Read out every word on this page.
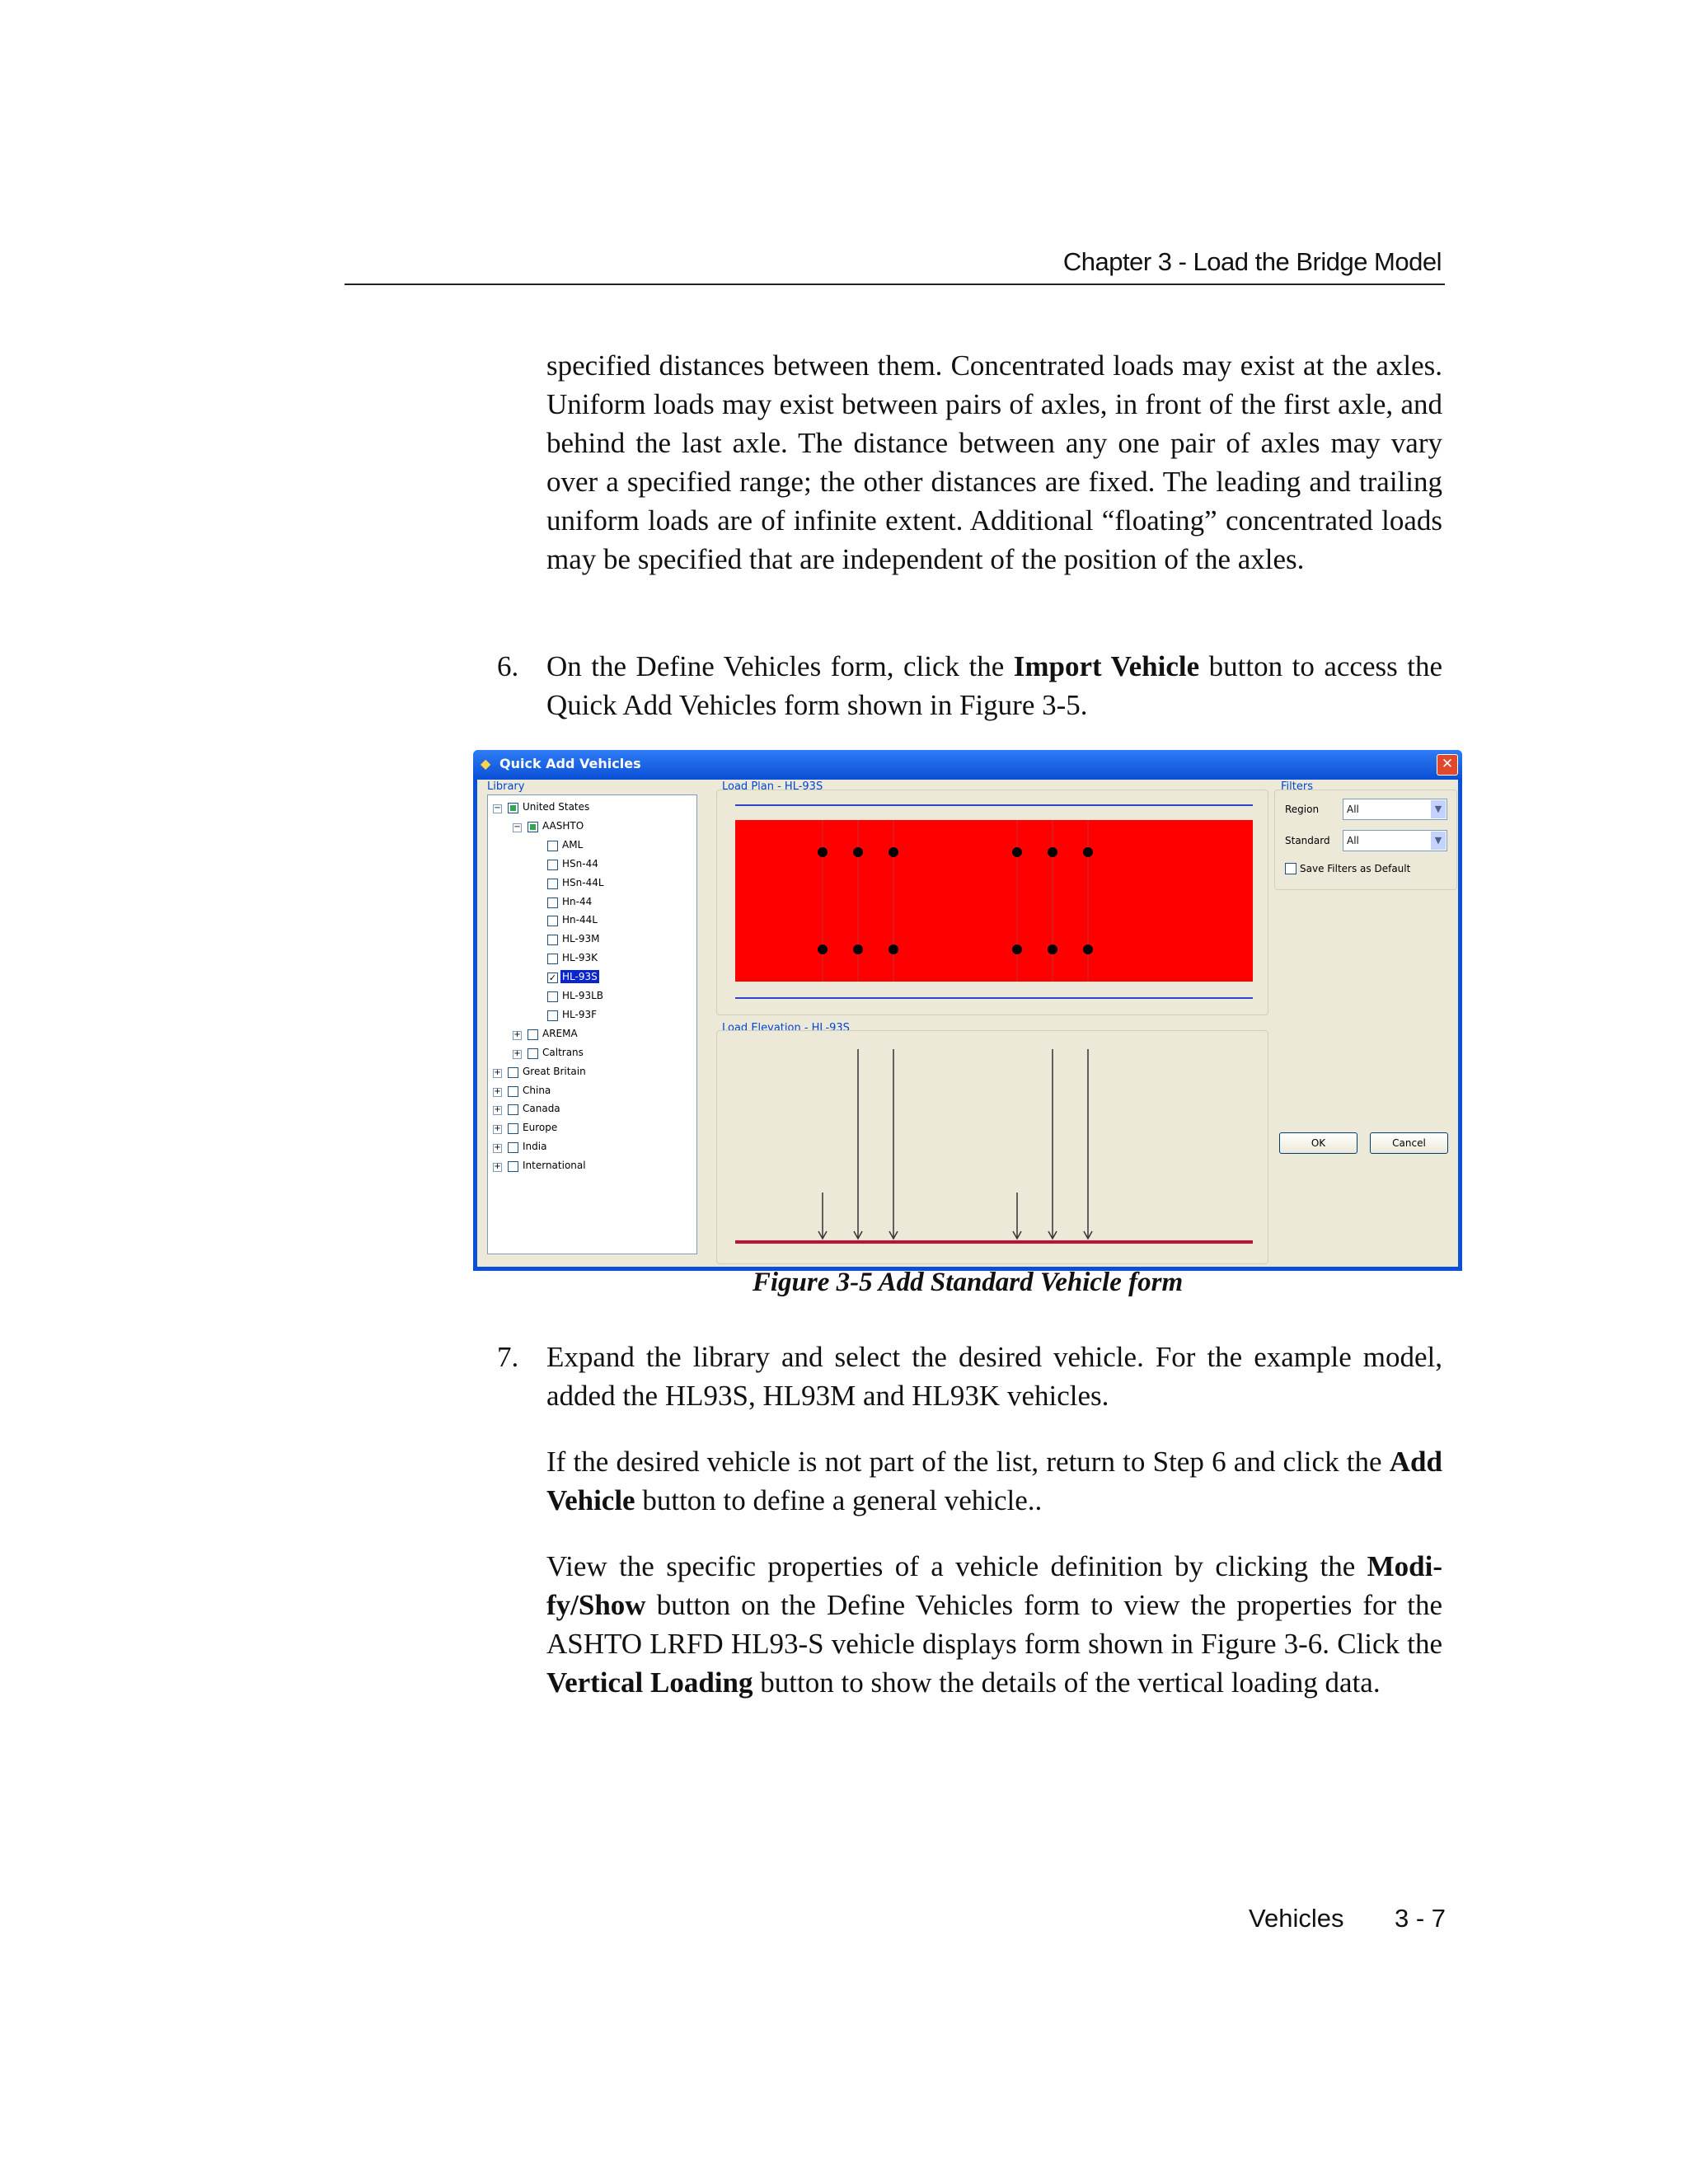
Chapter 3 - Load the Bridge Model

specified distances between them. Concentrated loads may exist at the axles. Uniform loads may exist between pairs of axles, in front of the first axle, and behind the last axle. The distance between any one pair of axles may vary over a specified range; the other distances are fixed. The leading and trailing uniform loads are of infinite extent. Additional “floating” concentrated loads may be specified that are independent of the position of the axles.

6. On the Define Vehicles form, click the Import Vehicle button to access the Quick Add Vehicles form shown in Figure 3-5.

◆ Quick Add Vehicles	✕
Library
− United States
− AASHTO
AML
HSn-44
HSn-44L
Hn-44
Hn-44L
HL-93M
HL-93K
✓ HL-93S
HL-93LB
HL-93F
+ AREMA
+ Caltrans
+ Great Britain
+ China
+ Canada
+ Europe
+ India
+ International
Load Plan - HL-93S
Load Elevation - HL-93S
Filters
Region	All	▼
Standard	All	▼
Save Filters as Default
OK	Cancel
Figure 3-5 Add Standard Vehicle form
7. Expand the library and select the desired vehicle. For the example model, added the HL93S, HL93M and HL93K vehicles.

If the desired vehicle is not part of the list, return to Step 6 and click the Add Vehicle button to define a general vehicle..

View the specific properties of a vehicle definition by clicking the Modi-fy/Show button on the Define Vehicles form to view the properties for the ASHTO LRFD HL93-S vehicle displays form shown in Figure 3-6. Click the Vertical Loading button to show the details of the vertical loading data.

Vehicles 3 - 7
